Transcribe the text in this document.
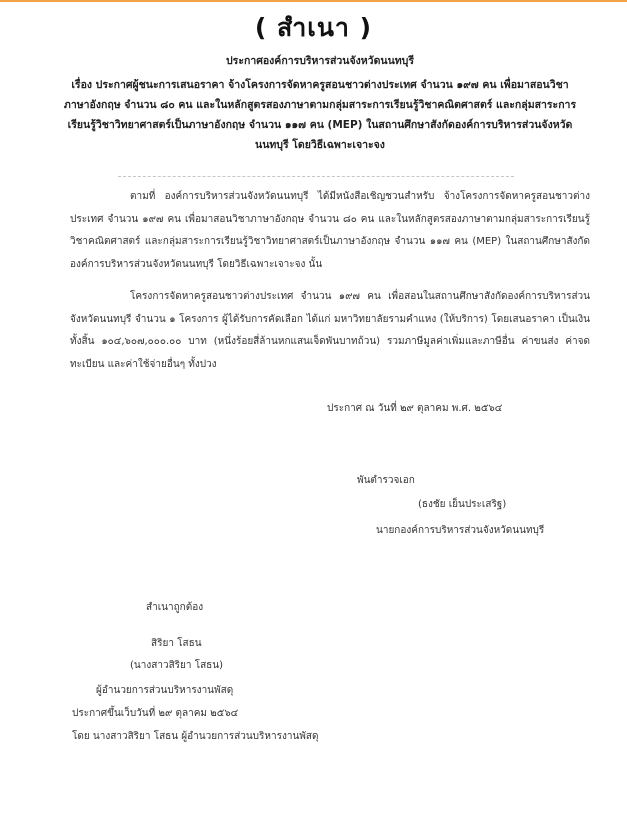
( สำเนา )
ประกาศองค์การบริหารส่วนจังหวัดนนทบุรี
เรื่อง ประกาศผู้ชนะการเสนอราคา จ้างโครงการจัดหาครูสอนชาวต่างประเทศ จำนวน ๑๙๗ คน เพื่อมาสอนวิชาภาษาอังกฤษ จำนวน ๘๐ คน และในหลักสูตรสองภาษาตามกลุ่มสาระการเรียนรู้วิชาคณิตศาสตร์ และกลุ่มสาระการเรียนรู้วิชาวิทยาศาสตร์เป็นภาษาอังกฤษ จำนวน ๑๑๗ คน (MEP) ในสถานศึกษาสังกัดองค์การบริหารส่วนจังหวัดนนทบุรี โดยวิธีเฉพาะเจาะจง
ตามที่ องค์การบริหารส่วนจังหวัดนนทบุรี ได้มีหนังสือเชิญชวนสำหรับ จ้างโครงการจัดหาครูสอนชาวต่างประเทศ จำนวน ๑๙๗ คน เพื่อมาสอนวิชาภาษาอังกฤษ จำนวน ๘๐ คน และในหลักสูตรสองภาษาตามกลุ่มสาระการเรียนรู้วิชาคณิตศาสตร์ และกลุ่มสาระการเรียนรู้วิชาวิทยาศาสตร์เป็นภาษาอังกฤษ จำนวน ๑๑๗ คน (MEP) ในสถานศึกษาสังกัดองค์การบริหารส่วนจังหวัดนนทบุรี โดยวิธีเฉพาะเจาะจง นั้น
โครงการจัดหาครูสอนชาวต่างประเทศ จำนวน ๑๙๗ คน เพื่อสอนในสถานศึกษาสังกัดองค์การบริหารส่วนจังหวัดนนทบุรี จำนวน ๑ โครงการ ผู้ได้รับการคัดเลือก ได้แก่ มหาวิทยาลัยรามคำแหง (ให้บริการ) โดยเสนอราคา เป็นเงินทั้งสิ้น ๑๐๔,๖๐๗,๐๐๐.๐๐ บาท (หนึ่งร้อยสี่ล้านหกแสนเจ็ดพันบาทถ้วน) รวมภาษีมูลค่าเพิ่มและภาษีอื่น ค่าขนส่ง ค่าจดทะเบียน และค่าใช้จ่ายอื่นๆ ทั้งปวง
ประกาศ ณ วันที่ ๒๙ ตุลาคม พ.ศ. ๒๕๖๔
พันตำรวจเอก
(ธงชัย เย็นประเสริฐ)
นายกองค์การบริหารส่วนจังหวัดนนทบุรี
สำเนาถูกต้อง
สิริยา โสธน
(นางสาวสิริยา โสธน)
ผู้อำนวยการส่วนบริหารงานพัสดุ
ประกาศขึ้นเว็บวันที่ ๒๙ ตุลาคม ๒๕๖๔
โดย นางสาวสิริยา โสธน ผู้อำนวยการส่วนบริหารงานพัสดุ
